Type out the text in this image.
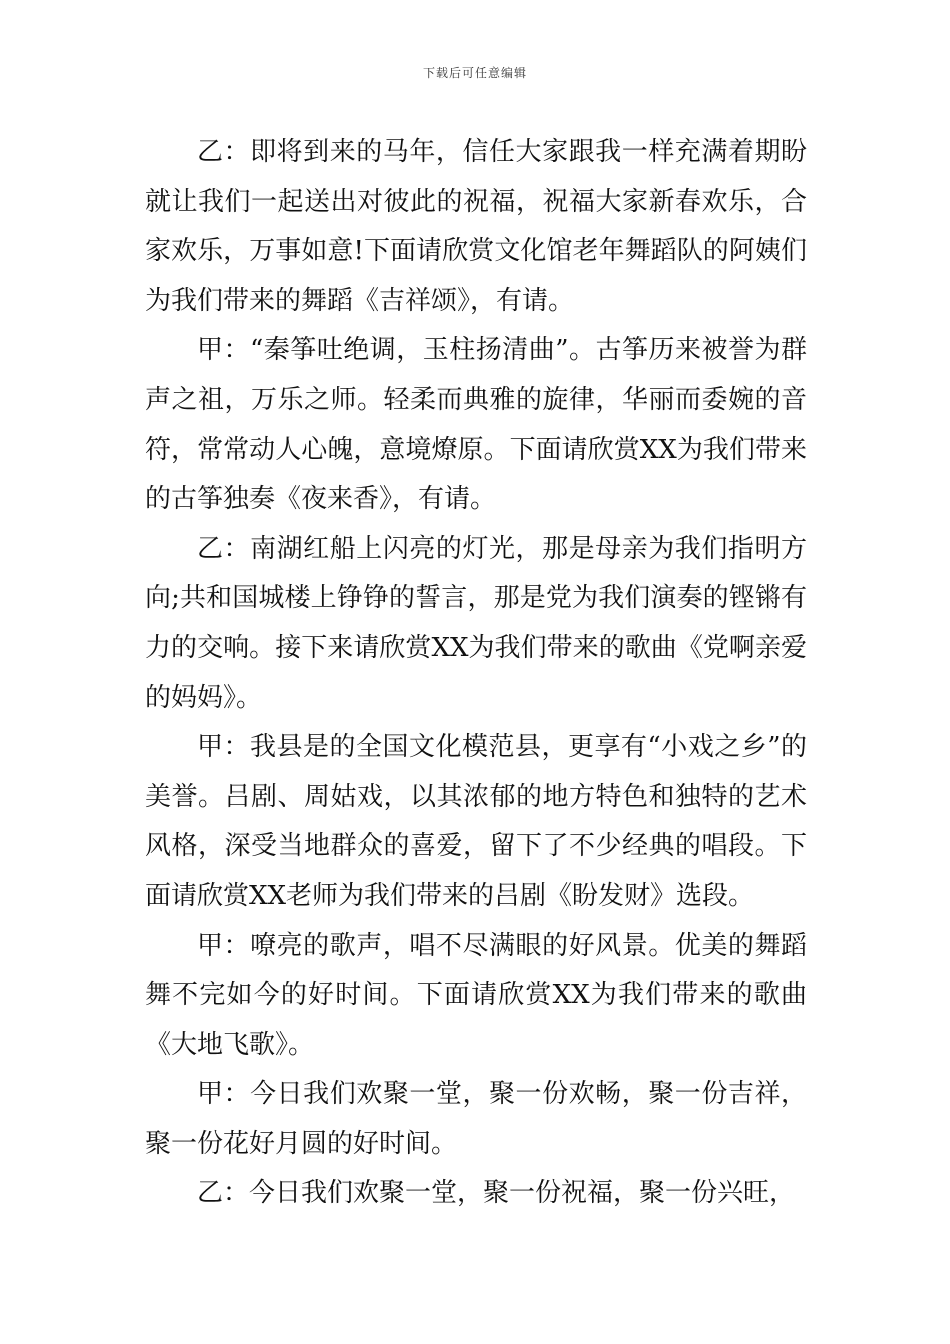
下载后可任意编辑

乙：即将到来的马年，信任大家跟我一样充满着期盼就让我们一起送出对彼此的祝福，祝福大家新春欢乐，合家欢乐，万事如意!下面请欣赏文化馆老年舞蹈队的阿姨们为我们带来的舞蹈《吉祥颂》，有请。

甲：“秦筝吐绝调，玉柱扬清曲”。古筝历来被誉为群声之祖，万乐之师。轻柔而典雅的旋律，华丽而委婉的音符，常常动人心魄，意境燎原。下面请欣赏XX为我们带来的古筝独奏《夜来香》，有请。

乙：南湖红船上闪亮的灯光，那是母亲为我们指明方向;共和国城楼上铮铮的誓言，那是党为我们演奏的铿锵有力的交响。接下来请欣赏XX为我们带来的歌曲《党啊亲爱的妈妈》。

甲：我县是的全国文化模范县，更享有“小戏之乡”的美誉。吕剧、周姑戏，以其浓郁的地方特色和独特的艺术风格，深受当地群众的喜爱，留下了不少经典的唱段。下面请欣赏XX老师为我们带来的吕剧《盼发财》选段。

甲：嘹亮的歌声，唱不尽满眼的好风景。优美的舞蹈舞不完如今的好时间。下面请欣赏XX为我们带来的歌曲《大地飞歌》。

甲：今日我们欢聚一堂，聚一份欢畅，聚一份吉祥，聚一份花好月圆的好时间。

乙：今日我们欢聚一堂，聚一份祝福，聚一份兴旺，
